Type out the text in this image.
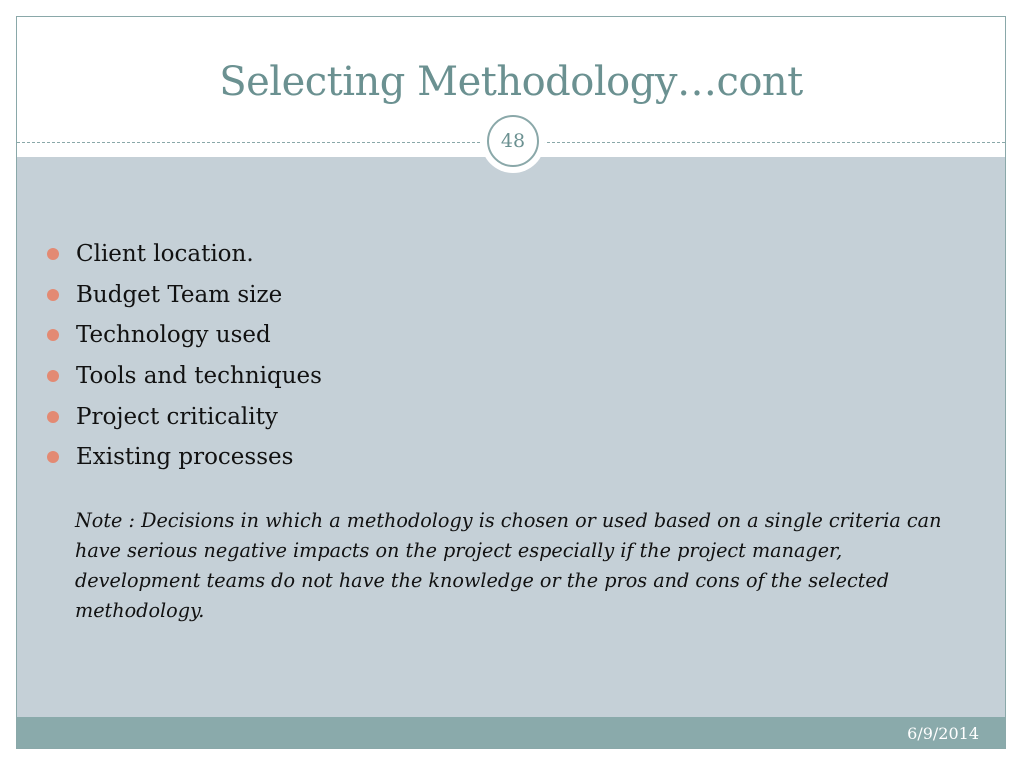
Selecting Methodology…cont
48
Client location.
Budget Team size
Technology used
Tools and techniques
Project criticality
Existing processes

Note : Decisions in which a methodology is chosen or used based on a single criteria can have serious negative impacts on the project especially if the project manager, development teams do not have the knowledge or the pros and cons of the selected methodology.

6/9/2014
